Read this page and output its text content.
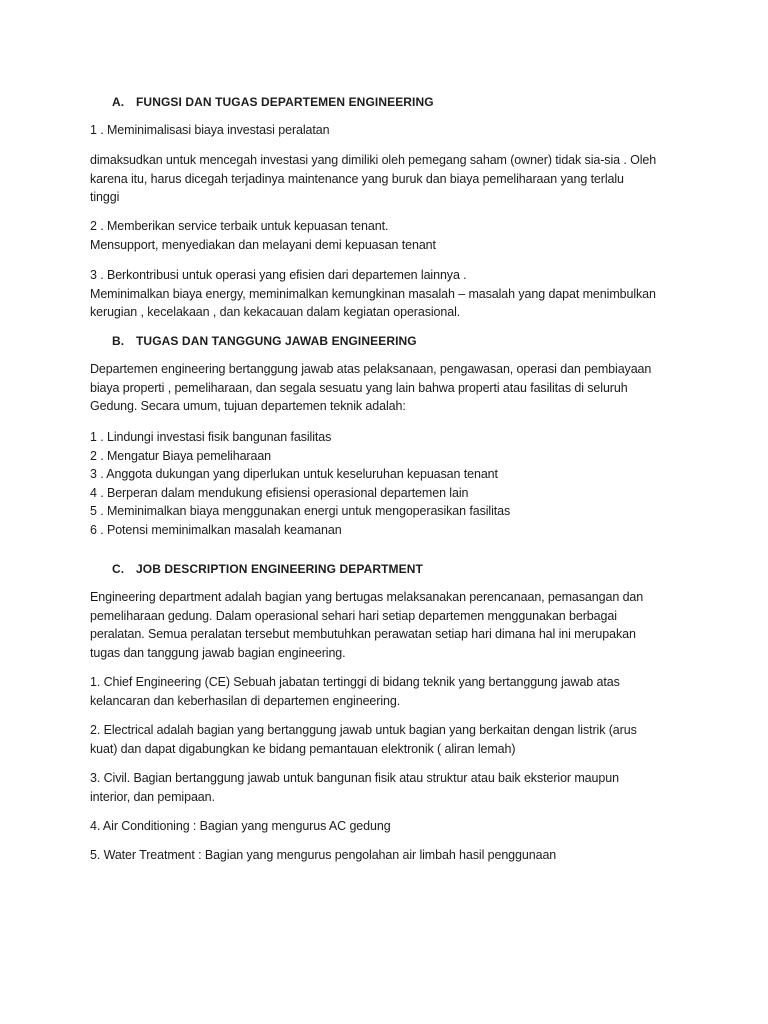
A. FUNGSI DAN TUGAS DEPARTEMEN ENGINEERING
1 . Meminimalisasi biaya investasi peralatan
dimaksudkan untuk mencegah investasi yang dimiliki oleh pemegang saham (owner) tidak sia-sia . Oleh
karena itu, harus dicegah terjadinya maintenance yang buruk dan biaya pemeliharaan yang terlalu
tinggi
2 . Memberikan service terbaik untuk kepuasan tenant.
Mensupport, menyediakan dan melayani demi kepuasan tenant
3 . Berkontribusi untuk operasi yang efisien dari departemen lainnya .
Meminimalkan biaya energy, meminimalkan kemungkinan masalah – masalah yang dapat menimbulkan
kerugian , kecelakaan , dan kekacauan dalam kegiatan operasional.
B. TUGAS DAN TANGGUNG JAWAB ENGINEERING
Departemen engineering bertanggung jawab atas pelaksanaan, pengawasan, operasi dan pembiayaan
biaya properti , pemeliharaan, dan segala sesuatu yang lain bahwa properti atau fasilitas di seluruh
Gedung. Secara umum, tujuan departemen teknik adalah:
1 . Lindungi investasi fisik bangunan fasilitas
2 . Mengatur Biaya pemeliharaan
3 . Anggota dukungan yang diperlukan untuk keseluruhan kepuasan tenant
4 . Berperan dalam mendukung efisiensi operasional departemen lain
5 . Meminimalkan biaya menggunakan energi untuk mengoperasikan fasilitas
6 . Potensi meminimalkan masalah keamanan
C. JOB DESCRIPTION ENGINEERING DEPARTMENT
Engineering department adalah bagian yang bertugas melaksanakan perencanaan, pemasangan dan
pemeliharaan gedung. Dalam operasional sehari hari setiap departemen menggunakan berbagai
peralatan. Semua peralatan tersebut membutuhkan perawatan setiap hari dimana hal ini merupakan
tugas dan tanggung jawab bagian engineering.
1. Chief Engineering (CE) Sebuah jabatan tertinggi di bidang teknik yang bertanggung jawab atas
kelancaran dan keberhasilan di departemen engineering.
2. Electrical adalah bagian yang bertanggung jawab untuk bagian yang berkaitan dengan listrik (arus
kuat) dan dapat digabungkan ke bidang pemantauan elektronik ( aliran lemah)
3. Civil. Bagian bertanggung jawab untuk bangunan fisik atau struktur atau baik eksterior maupun
interior, dan pemipaan.
4. Air Conditioning : Bagian yang mengurus AC gedung
5. Water Treatment : Bagian yang mengurus pengolahan air limbah hasil penggunaan
